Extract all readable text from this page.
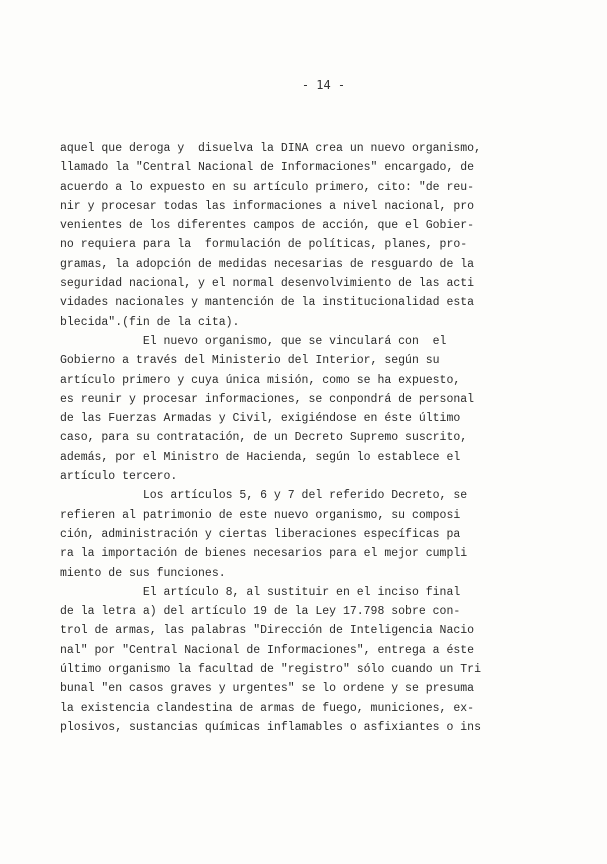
- 14 -
aquel que deroga y  disuelva la DINA crea un nuevo organismo,
llamado la "Central Nacional de Informaciones" encargado, de
acuerdo a lo expuesto en su artículo primero, cito: "de reu-
nir y procesar todas las informaciones a nivel nacional, pro
venientes de los diferentes campos de acción, que el Gobier-
no requiera para la  formulación de políticas, planes, pro-
gramas, la adopción de medidas necesarias de resguardo de la
seguridad nacional, y el normal desenvolvimiento de las acti
vidades nacionales y mantención de la institucionalidad esta
blecida".(fin de la cita).
El nuevo organismo, que se vinculará con  el
Gobierno a través del Ministerio del Interior, según su
artículo primero y cuya única misión, como se ha expuesto,
es reunir y procesar informaciones, se conpondrá de personal
de las Fuerzas Armadas y Civil, exigiéndose en éste último
caso, para su contratación, de un Decreto Supremo suscrito,
además, por el Ministro de Hacienda, según lo establece el
artículo tercero.
Los artículos 5, 6 y 7 del referido Decreto, se
refieren al patrimonio de este nuevo organismo, su composi
ción, administración y ciertas liberaciones específicas pa
ra la importación de bienes necesarios para el mejor cumpli
miento de sus funciones.
El artículo 8, al sustituir en el inciso final
de la letra a) del artículo 19 de la Ley 17.798 sobre con-
trol de armas, las palabras "Dirección de Inteligencia Nacio
nal" por "Central Nacional de Informaciones", entrega a éste
último organismo la facultad de "registro" sólo cuando un Tri
bunal "en casos graves y urgentes" se lo ordene y se presuma
la existencia clandestina de armas de fuego, municiones, ex-
plosivos, sustancias químicas inflamables o asfixiantes o ins
